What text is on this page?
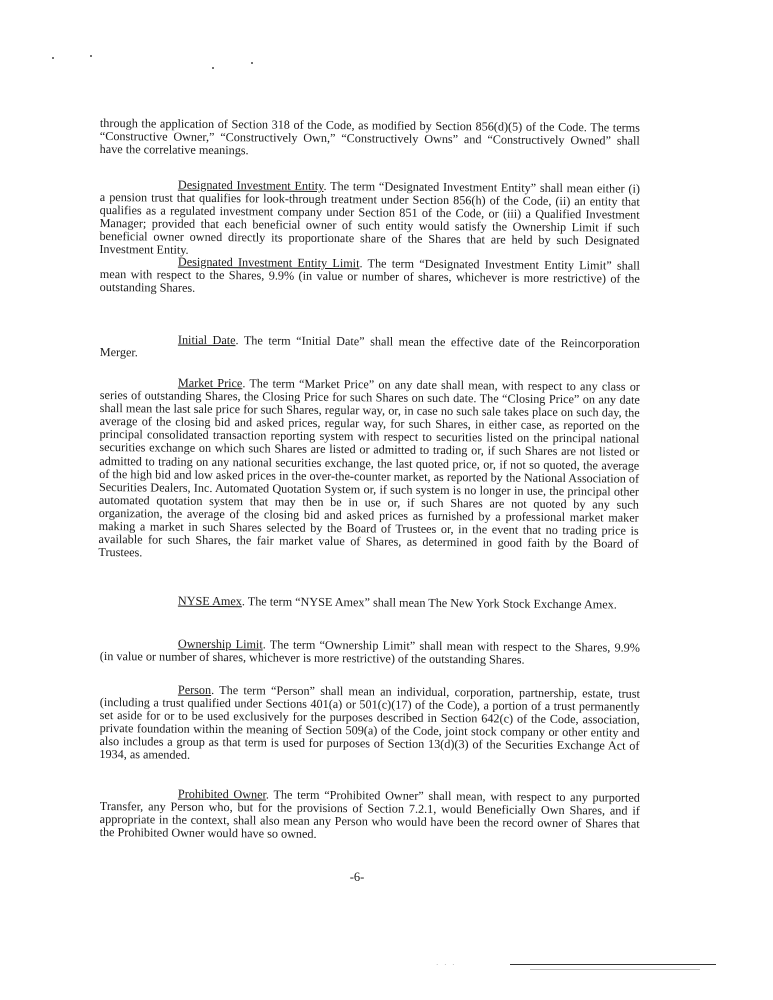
through the application of Section 318 of the Code, as modified by Section 856(d)(5) of the Code. The terms “Constructive Owner,” “Constructively Own,” “Constructively Owns” and “Constructively Owned” shall have the correlative meanings.
Designated Investment Entity. The term “Designated Investment Entity” shall mean either (i) a pension trust that qualifies for look-through treatment under Section 856(h) of the Code, (ii) an entity that qualifies as a regulated investment company under Section 851 of the Code, or (iii) a Qualified Investment Manager; provided that each beneficial owner of such entity would satisfy the Ownership Limit if such beneficial owner owned directly its proportionate share of the Shares that are held by such Designated Investment Entity.
Designated Investment Entity Limit. The term “Designated Investment Entity Limit” shall mean with respect to the Shares, 9.9% (in value or number of shares, whichever is more restrictive) of the outstanding Shares.
Initial Date. The term “Initial Date” shall mean the effective date of the Reincorporation Merger.
Market Price. The term “Market Price” on any date shall mean, with respect to any class or series of outstanding Shares, the Closing Price for such Shares on such date. The “Closing Price” on any date shall mean the last sale price for such Shares, regular way, or, in case no such sale takes place on such day, the average of the closing bid and asked prices, regular way, for such Shares, in either case, as reported on the principal consolidated transaction reporting system with respect to securities listed on the principal national securities exchange on which such Shares are listed or admitted to trading or, if such Shares are not listed or admitted to trading on any national securities exchange, the last quoted price, or, if not so quoted, the average of the high bid and low asked prices in the over-the-counter market, as reported by the National Association of Securities Dealers, Inc. Automated Quotation System or, if such system is no longer in use, the principal other automated quotation system that may then be in use or, if such Shares are not quoted by any such organization, the average of the closing bid and asked prices as furnished by a professional market maker making a market in such Shares selected by the Board of Trustees or, in the event that no trading price is available for such Shares, the fair market value of Shares, as determined in good faith by the Board of Trustees.
NYSE Amex. The term “NYSE Amex” shall mean The New York Stock Exchange Amex.
Ownership Limit. The term “Ownership Limit” shall mean with respect to the Shares, 9.9% (in value or number of shares, whichever is more restrictive) of the outstanding Shares.
Person. The term “Person” shall mean an individual, corporation, partnership, estate, trust (including a trust qualified under Sections 401(a) or 501(c)(17) of the Code), a portion of a trust permanently set aside for or to be used exclusively for the purposes described in Section 642(c) of the Code, association, private foundation within the meaning of Section 509(a) of the Code, joint stock company or other entity and also includes a group as that term is used for purposes of Section 13(d)(3) of the Securities Exchange Act of 1934, as amended.
Prohibited Owner. The term “Prohibited Owner” shall mean, with respect to any purported Transfer, any Person who, but for the provisions of Section 7.2.1, would Beneficially Own Shares, and if appropriate in the context, shall also mean any Person who would have been the record owner of Shares that the Prohibited Owner would have so owned.
-6-
· · ·
